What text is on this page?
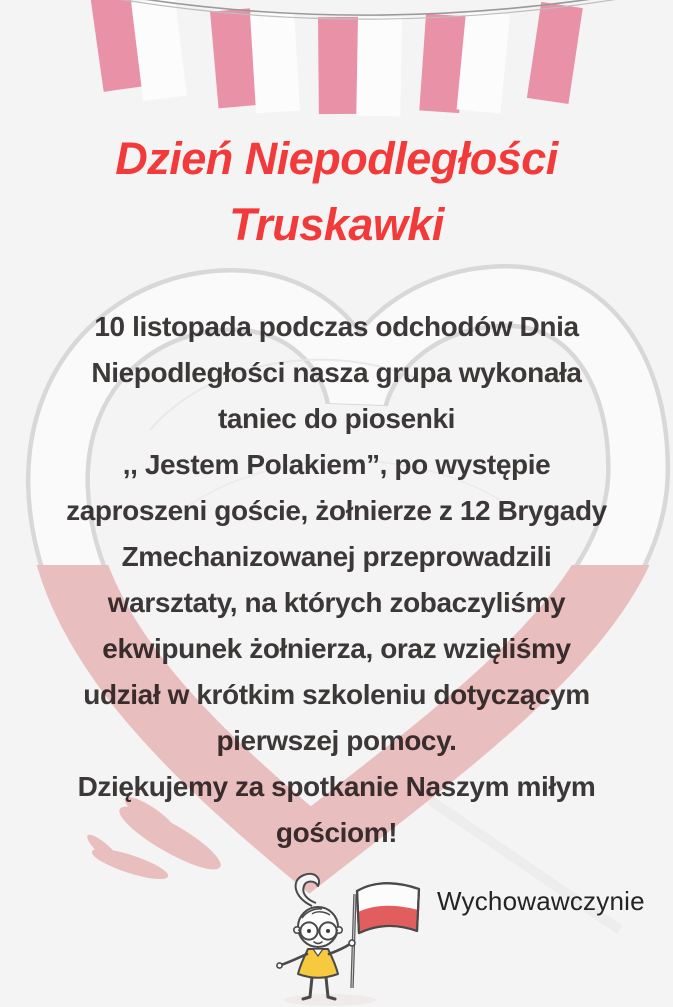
Dzień Niepodległości
Truskawki
10 listopada podczas odchodów Dnia
Niepodległości nasza grupa wykonała
taniec do piosenki
,, Jestem Polakiem”, po występie
zaproszeni goście, żołnierze z 12 Brygady
Zmechanizowanej przeprowadzili
warsztaty, na których zobaczyliśmy
ekwipunek żołnierza, oraz wzięliśmy
udział w krótkim szkoleniu dotyczącym
pierwszej pomocy.
Dziękujemy za spotkanie Naszym miłym
gościom!
Wychowawczynie
